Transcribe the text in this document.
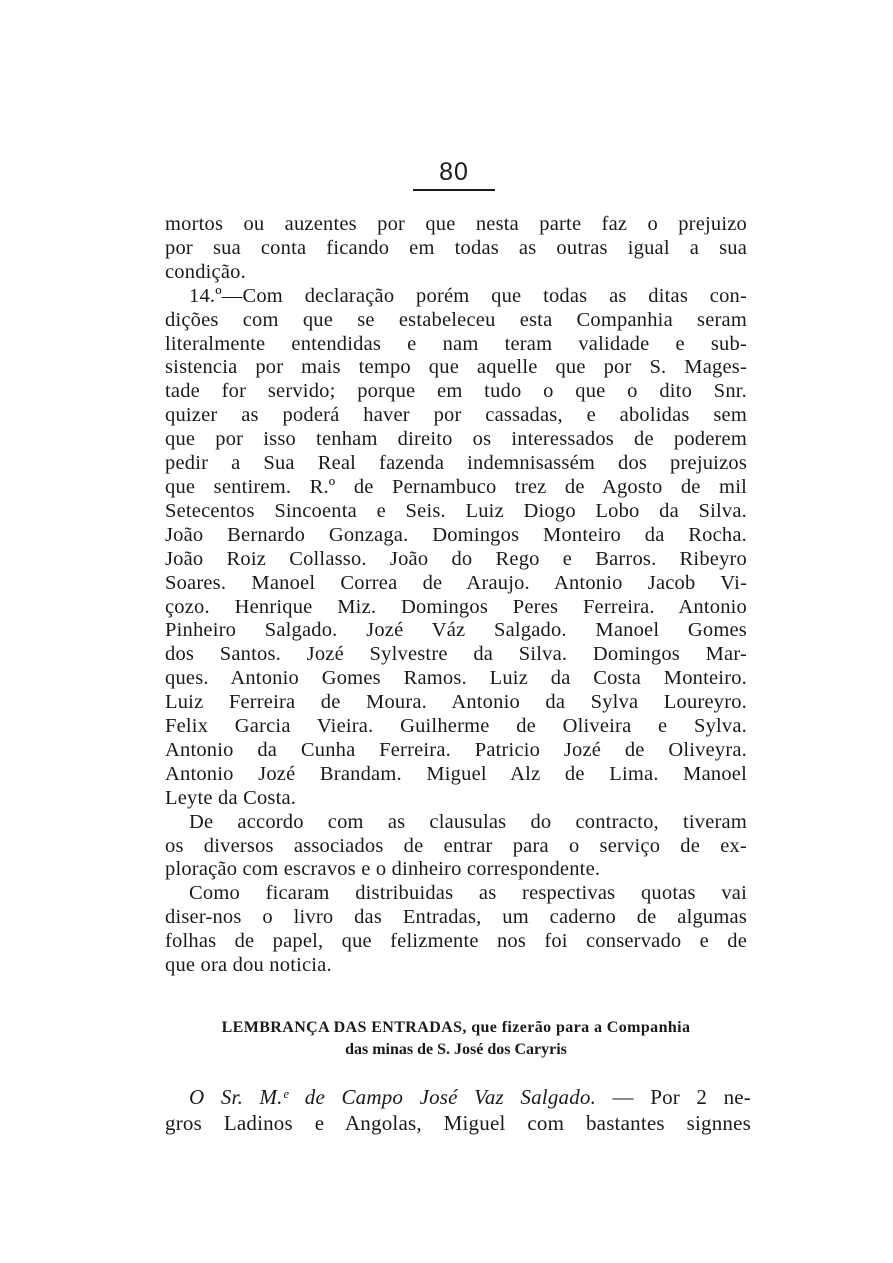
80

mortos ou auzentes por que nesta parte faz o prejuizo
por sua conta ficando em todas as outras igual a sua

condição.

14.º—Com declaração porém que todas as ditas con-
dições com que se estabeleceu esta Companhia seram
literalmente entendidas e nam teram validade e sub-
sistencia por mais tempo que aquelle que por S. Mages-
tade for servido; porque em tudo o que o dito Snr.
quizer as poderá haver por cassadas, e abolidas sem
que por isso tenham direito os interessados de poderem
pedir a Sua Real fazenda indemnisassém dos prejuizos
que sentirem. R.º de Pernambuco trez de Agosto de mil
Setecentos Sincoenta e Seis. Luiz Diogo Lobo da Silva.
João Bernardo Gonzaga. Domingos Monteiro da Rocha.
João Roiz Collasso. João do Rego e Barros. Ribeyro
Soares. Manoel Correa de Araujo. Antonio Jacob Vi-
çozo. Henrique Miz. Domingos Peres Ferreira. Antonio
Pinheiro Salgado. Jozé Váz Salgado. Manoel Gomes
dos Santos. Jozé Sylvestre da Silva. Domingos Mar-
ques. Antonio Gomes Ramos. Luiz da Costa Monteiro.
Luiz Ferreira de Moura. Antonio da Sylva Loureyro.
Felix Garcia Vieira. Guilherme de Oliveira e Sylva.
Antonio da Cunha Ferreira. Patricio Jozé de Oliveyra.
Antonio Jozé Brandam. Miguel Alz de Lima. Manoel

Leyte da Costa.

De accordo com as clausulas do contracto, tiveram
os diversos associados de entrar para o serviço de ex-

ploração com escravos e o dinheiro correspondente.

Como ficaram distribuidas as respectivas quotas vai
diser-nos o livro das Entradas, um caderno de algumas
folhas de papel, que felizmente nos foi conservado e de

que ora dou noticia.

LEMBRANÇA DAS ENTRADAS, que fizerão para a Companhia
das minas de S. José dos Caryris

O Sr. M.ᵉ de Campo José Vaz Salgado. — Por 2 ne-
gros Ladinos e Angolas, Miguel com bastantes signnes
